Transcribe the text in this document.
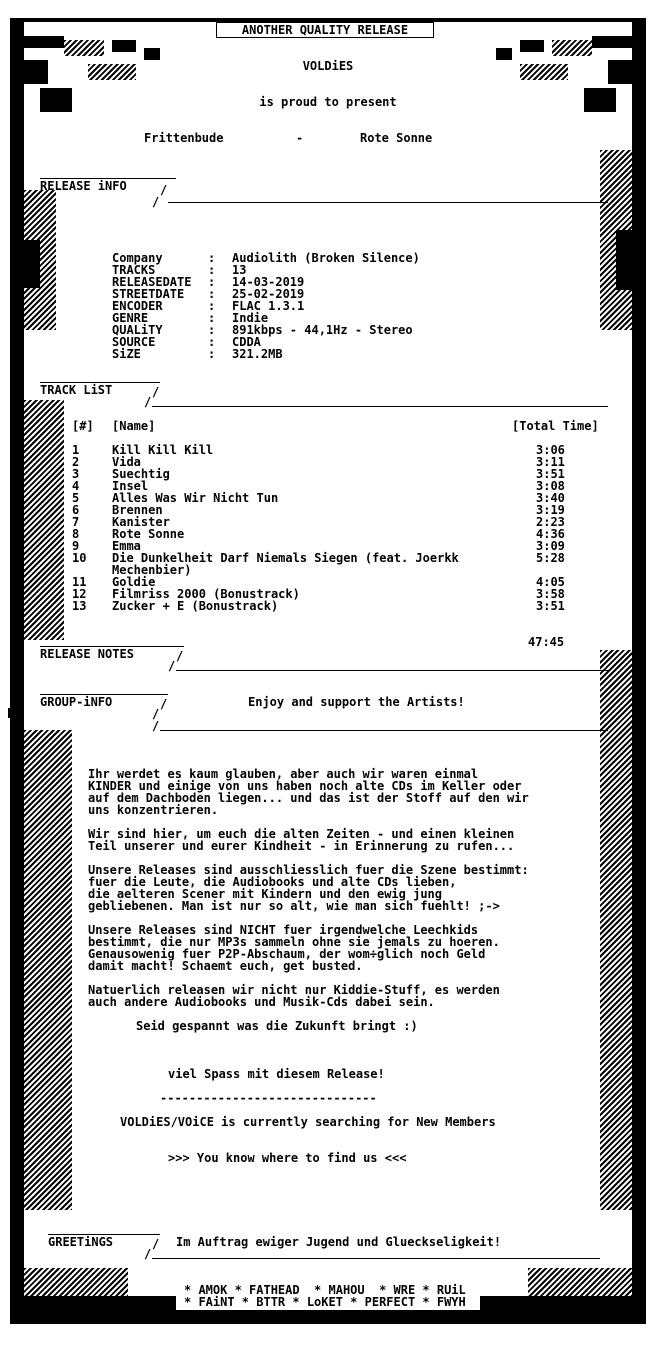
ANOTHER QUALITY RELEASE
VOLDiES
is proud to present
Frittenbude	-	Rote Sonne
RELEASE iNFO	/
/
Company	: Audiolith (Broken Silence)
TRACKS	: 13
RELEASEDATE : 14-03-2019
STREETDATE : 25-02-2019
ENCODER	: FLAC 1.3.1
GENRE	: Indie
QUALiTY	: 891kbps - 44,1Hz - Stereo
SOURCE	: CDDA
SiZE	: 321.2MB
TRACK LiST	/
/
[#] [Name]	[Total Time]
1	Kill Kill Kill	3:06
2	Vida	3:11
3	Suechtig	3:51
4	Insel	3:08
5	Alles Was Wir Nicht Tun	3:40
6	Brennen	3:19
7	Kanister	2:23
8	Rote Sonne	4:36
9	Emma	3:09
10 Die Dunkelheit Darf Niemals Siegen (feat. Joerkk	5:28
Mechenbier)
11 Goldie	4:05
12 Filmriss 2000 (Bonustrack)	3:58
13 Zucker + E (Bonustrack)	3:51
47:45
RELEASE NOTES	/
/
GROUP-iNFO	Enjoy and support the Artists!
/
/
/
Ihr werdet es kaum glauben, aber auch wir waren einmal
KINDER und einige von uns haben noch alte CDs im Keller oder
auf dem Dachboden liegen... und das ist der Stoff auf den wir
uns konzentrieren.
Wir sind hier, um euch die alten Zeiten - und einen kleinen
Teil unserer und eurer Kindheit - in Erinnerung zu rufen...
Unsere Releases sind ausschliesslich fuer die Szene bestimmt:
fuer die Leute, die Audiobooks und alte CDs lieben,
die aelteren Scener mit Kindern und den ewig jung
gebliebenen. Man ist nur so alt, wie man sich fuehlt! ;->
Unsere Releases sind NICHT fuer irgendwelche Leechkids
bestimmt, die nur MP3s sammeln ohne sie jemals zu hoeren.
Genausowenig fuer P2P-Abschaum, der wom÷glich noch Geld
damit macht! Schaemt euch, get busted.
Natuerlich releasen wir nicht nur Kiddie-Stuff, es werden
auch andere Audiobooks und Musik-Cds dabei sein.
Seid gespannt was die Zukunft bringt :)
viel Spass mit diesem Release!
------------------------------
VOLDiES/VOiCE is currently searching for New Members
>>> You know where to find us <<<
GREETiNGS	Im Auftrag ewiger Jugend und Glueckseligkeit!
/
/
* AMOK * FATHEAD  * MAHOU  * WRE * RUiL
* FAiNT * BTTR * LoKET * PERFECT * FWYH
